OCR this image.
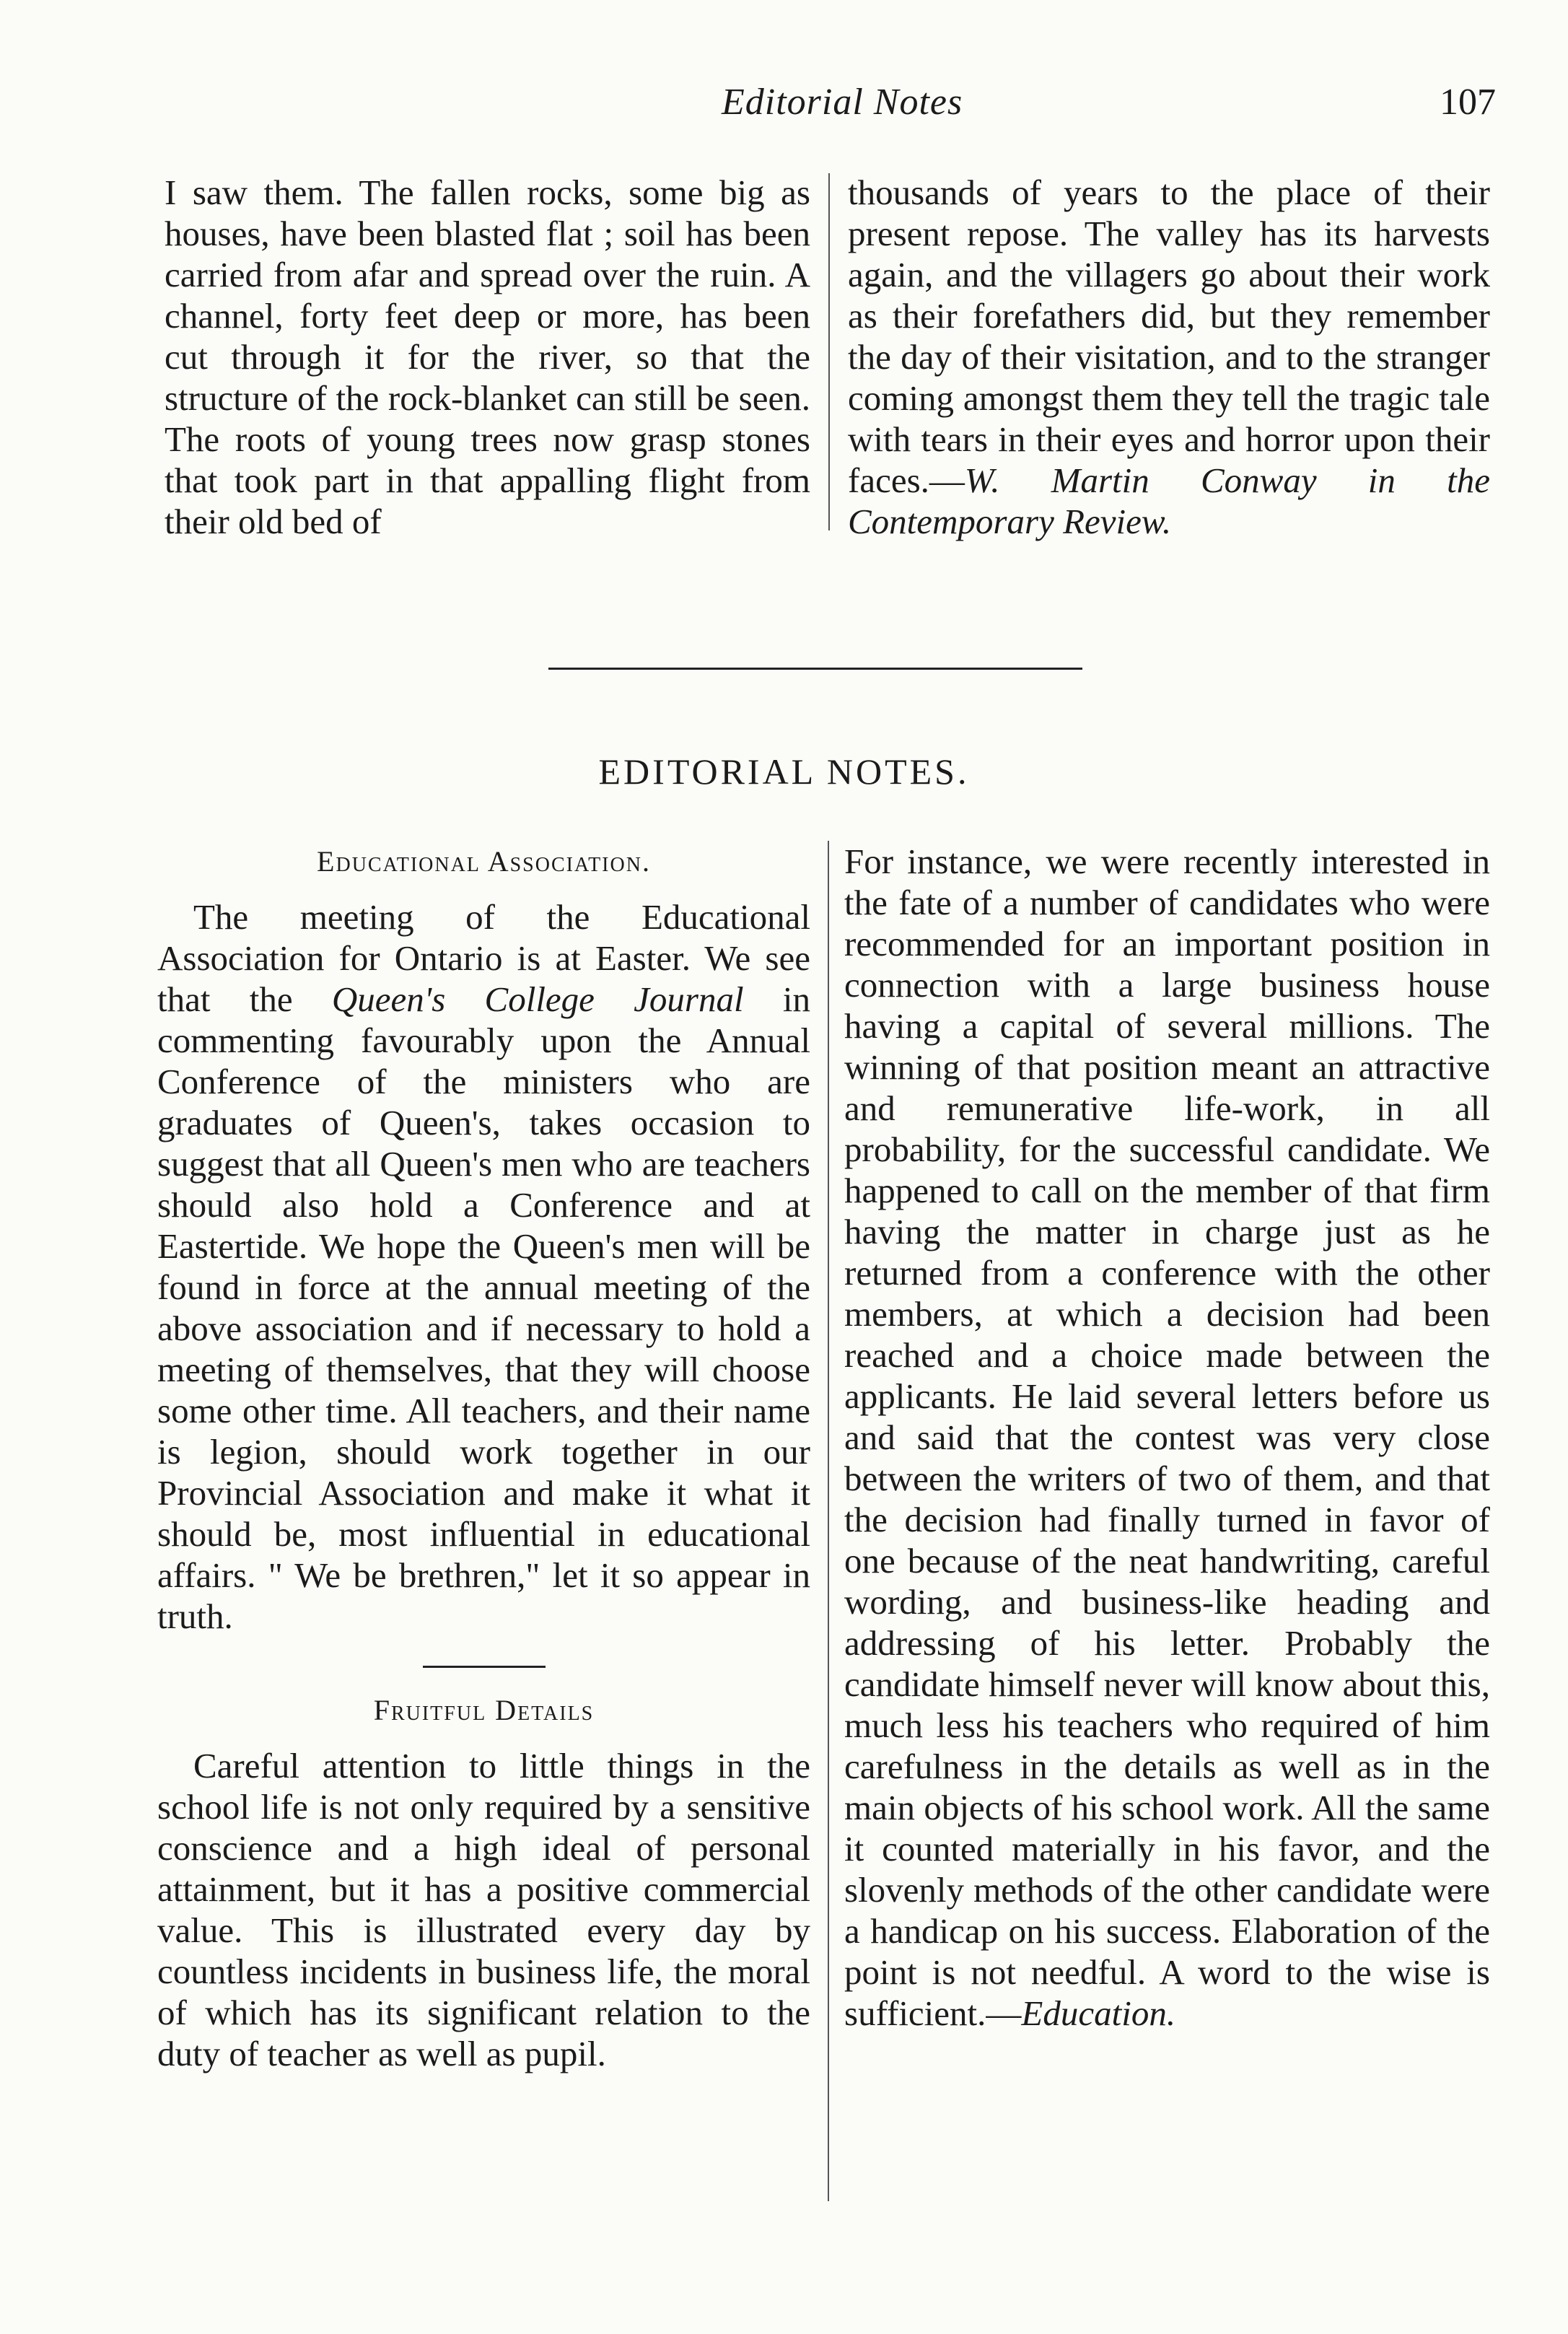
Editorial Notes	107

I saw them. The fallen rocks, some big as houses, have been blasted flat ; soil has been carried from afar and spread over the ruin. A channel, forty feet deep or more, has been cut through it for the river, so that the structure of the rock-blanket can still be seen. The roots of young trees now grasp stones that took part in that appalling flight from their old bed of

thousands of years to the place of their present repose. The valley has its harvests again, and the villagers go about their work as their forefathers did, but they remember the day of their visitation, and to the stranger coming amongst them they tell the tragic tale with tears in their eyes and horror upon their faces.—W. Martin Conway in the Contemporary Review.

EDITORIAL NOTES.
Educational Association.

The meeting of the Educational Association for Ontario is at Easter. We see that the Queen's College Journal in commenting favourably upon the Annual Conference of the ministers who are graduates of Queen's, takes occasion to suggest that all Queen's men who are teachers should also hold a Conference and at Eastertide. We hope the Queen's men will be found in force at the annual meeting of the above association and if necessary to hold a meeting of themselves, that they will choose some other time. All teachers, and their name is legion, should work together in our Provincial Association and make it what it should be, most influential in educational affairs. " We be brethren," let it so appear in truth.

Fruitful Details

Careful attention to little things in the school life is not only required by a sensitive conscience and a high ideal of personal attainment, but it has a positive commercial value. This is illustrated every day by countless incidents in business life, the moral of which has its significant relation to the duty of teacher as well as pupil.

For instance, we were recently interested in the fate of a number of candidates who were recommended for an important position in connection with a large business house having a capital of several millions. The winning of that position meant an attractive and remunerative life-work, in all probability, for the successful candidate. We happened to call on the member of that firm having the matter in charge just as he returned from a conference with the other members, at which a decision had been reached and a choice made between the applicants. He laid several letters before us and said that the contest was very close between the writers of two of them, and that the decision had finally turned in favor of one because of the neat handwriting, careful wording, and business-like heading and addressing of his letter. Probably the candidate himself never will know about this, much less his teachers who required of him carefulness in the details as well as in the main objects of his school work. All the same it counted materially in his favor, and the slovenly methods of the other candidate were a handicap on his success. Elaboration of the point is not needful. A word to the wise is sufficient.—Education.
